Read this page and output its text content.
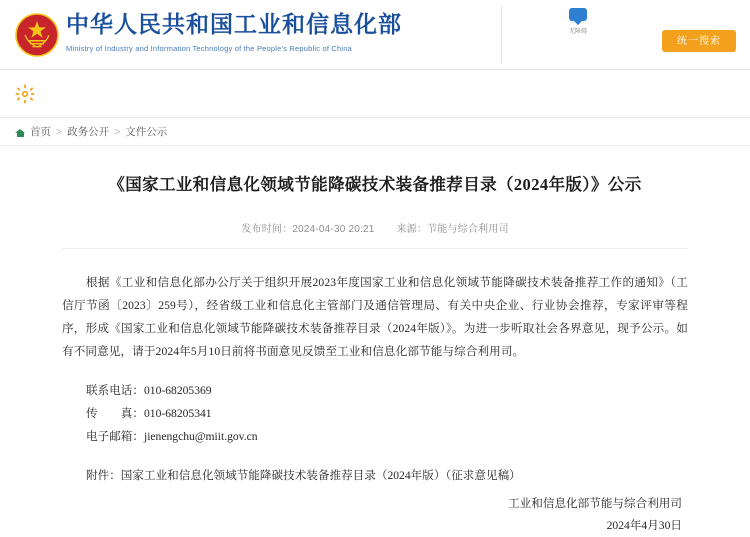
中华人民共和国工业和信息化部
Ministry of Industry and Information Technology of the People's Republic of China
无障碍
统一搜索
首页 > 政务公开 > 文件公示
《国家工业和信息化领域节能降碳技术装备推荐目录（2024年版）》公示
发布时间：2024-04-30 20:21 来源：节能与综合利用司

根据《工业和信息化部办公厅关于组织开展2023年度国家工业和信息化领域节能降碳技术装备推荐工作的通知》（工信厅节函〔2023〕259号），经省级工业和信息化主管部门及通信管理局、有关中央企业、行业协会推荐，专家评审等程序，形成《国家工业和信息化领域节能降碳技术装备推荐目录（2024年版）》。为进一步听取社会各界意见，现予公示。如有不同意见，请于2024年5月10日前将书面意见反馈至工业和信息化部节能与综合利用司。

联系电话：010-68205369
传　　真：010-68205341
电子邮箱：jienengchu@miit.gov.cn
附件：国家工业和信息化领域节能降碳技术装备推荐目录（2024年版）（征求意见稿）
工业和信息化部节能与综合利用司
2024年4月30日
